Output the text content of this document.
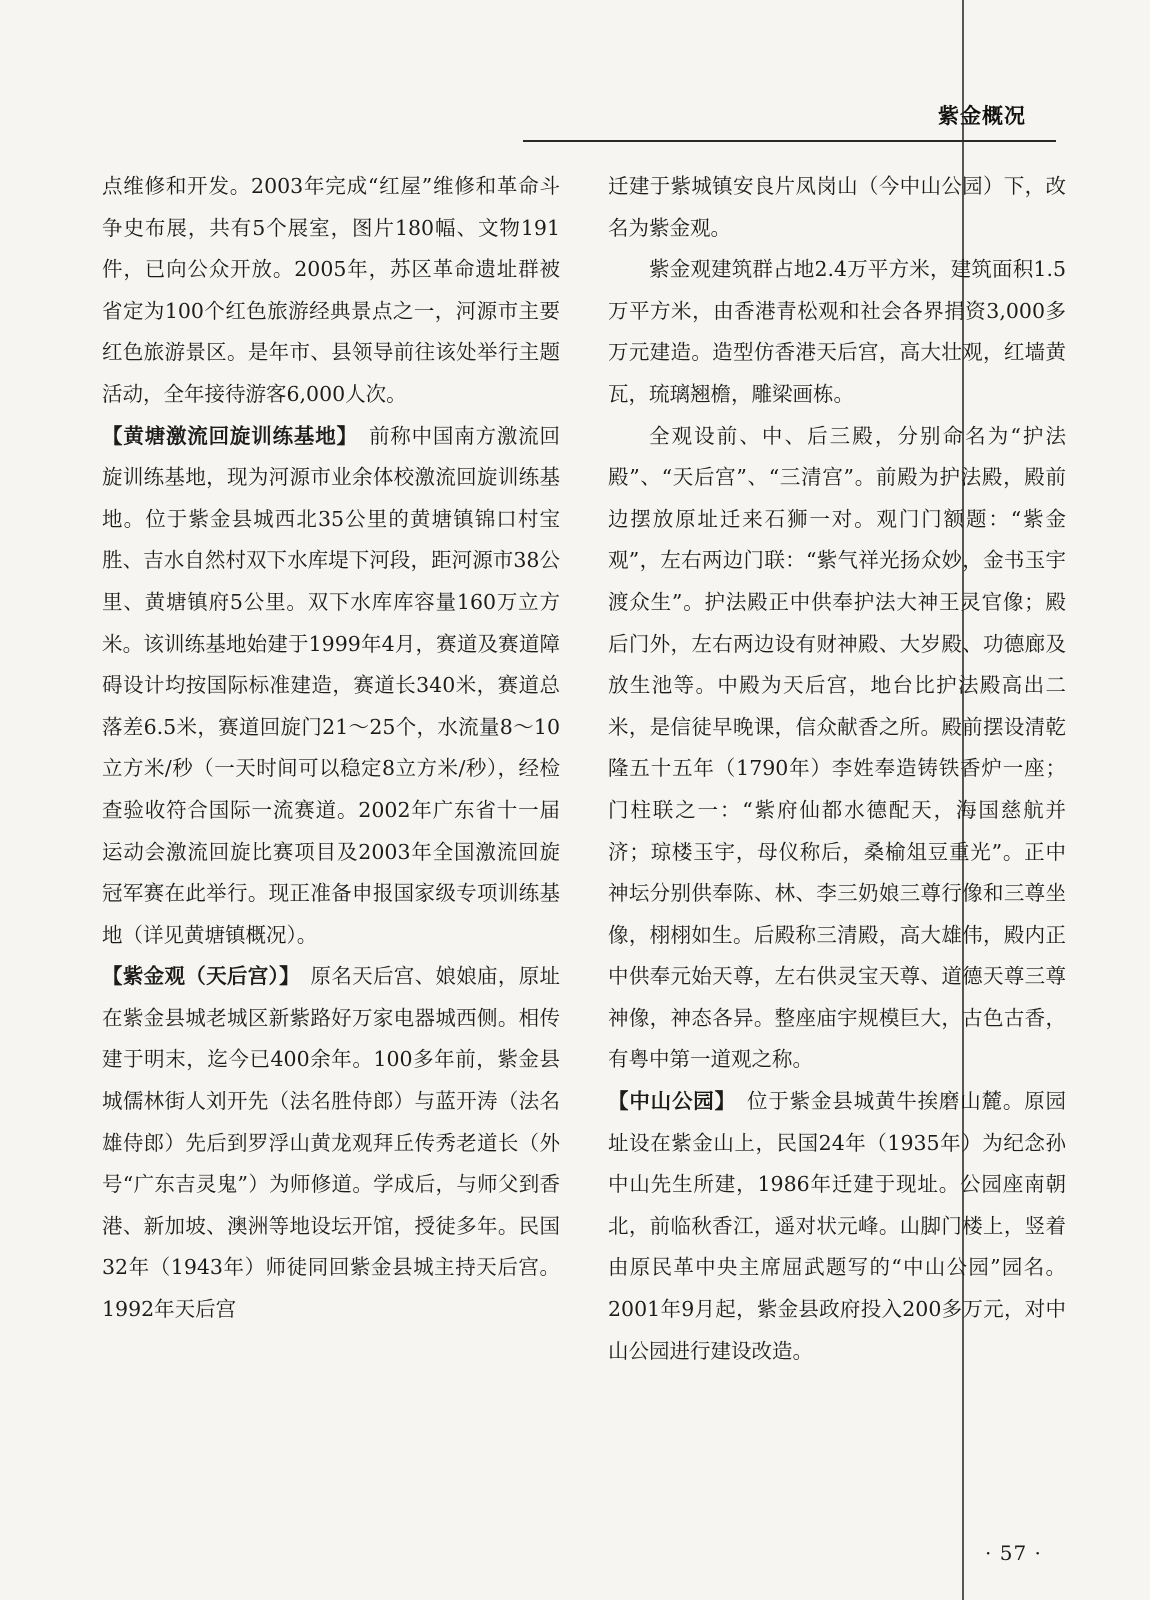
紫金概况

点维修和开发。2003年完成“红屋”维修和革命斗争史布展，共有5个展室，图片180幅、文物191件，已向公众开放。2005年，苏区革命遗址群被省定为100个红色旅游经典景点之一，河源市主要红色旅游景区。是年市、县领导前往该处举行主题活动，全年接待游客6,000人次。

【黄塘激流回旋训练基地】　 前称中国南方激流回旋训练基地，现为河源市业余体校激流回旋训练基地。位于紫金县城西北35公里的黄塘镇锦口村宝胜、吉水自然村双下水库堤下河段，距河源市38公里、黄塘镇府5公里。双下水库库容量160万立方米。该训练基地始建于1999年4月，赛道及赛道障碍设计均按国际标准建造，赛道长340米，赛道总落差6.5米，赛道回旋门21～25个，水流量8～10立方米/秒（一天时间可以稳定8立方米/秒），经检查验收符合国际一流赛道。2002年广东省十一届运动会激流回旋比赛项目及2003年全国激流回旋冠军赛在此举行。现正准备申报国家级专项训练基地（详见黄塘镇概况）。

【紫金观（天后宫）】　 原名天后宫、娘娘庙，原址在紫金县城老城区新紫路好万家电器城西侧。相传建于明末，迄今已400余年。100多年前，紫金县城儒林街人刘开先（法名胜侍郎）与蓝开涛（法名雄侍郎）先后到罗浮山黄龙观拜丘传秀老道长（外号“广东吉灵鬼”）为师修道。学成后，与师父到香港、新加坡、澳洲等地设坛开馆，授徒多年。民国32年（1943年）师徒同回紫金县城主持天后宫。1992年天后宫

迁建于紫城镇安良片凤岗山（今中山公园）下，改名为紫金观。

紫金观建筑群占地2.4万平方米，建筑面积1.5万平方米，由香港青松观和社会各界捐资3,000多万元建造。造型仿香港天后宫，高大壮观，红墙黄瓦，琉璃翘檐，雕梁画栋。

全观设前、中、后三殿，分别命名为“护法殿”、“天后宫”、“三清宫”。前殿为护法殿，殿前边摆放原址迁来石狮一对。观门门额题：“紫金观”，左右两边门联：“紫气祥光扬众妙，金书玉宇渡众生”。护法殿正中供奉护法大神王灵官像；殿后门外，左右两边设有财神殿、大岁殿、功德廊及放生池等。中殿为天后宫，地台比护法殿高出二米，是信徒早晚课，信众献香之所。殿前摆设清乾隆五十五年（1790年）李姓奉造铸铁香炉一座；门柱联之一：“紫府仙都水德配天，海国慈航并济；琼楼玉宇，母仪称后，桑榆俎豆重光”。正中神坛分别供奉陈、林、李三奶娘三尊行像和三尊坐像，栩栩如生。后殿称三清殿，高大雄伟，殿内正中供奉元始天尊，左右供灵宝天尊、道德天尊三尊神像，神态各异。整座庙宇规模巨大，古色古香，有粤中第一道观之称。

【中山公园】　 位于紫金县城黄牛挨磨山麓。原园址设在紫金山上，民国24年（1935年）为纪念孙中山先生所建，1986年迁建于现址。公园座南朝北，前临秋香江，遥对状元峰。山脚门楼上，竖着由原民革中央主席屈武题写的“中山公园”园名。2001年9月起，紫金县政府投入200多万元，对中山公园进行建设改造。

· 57 ·
